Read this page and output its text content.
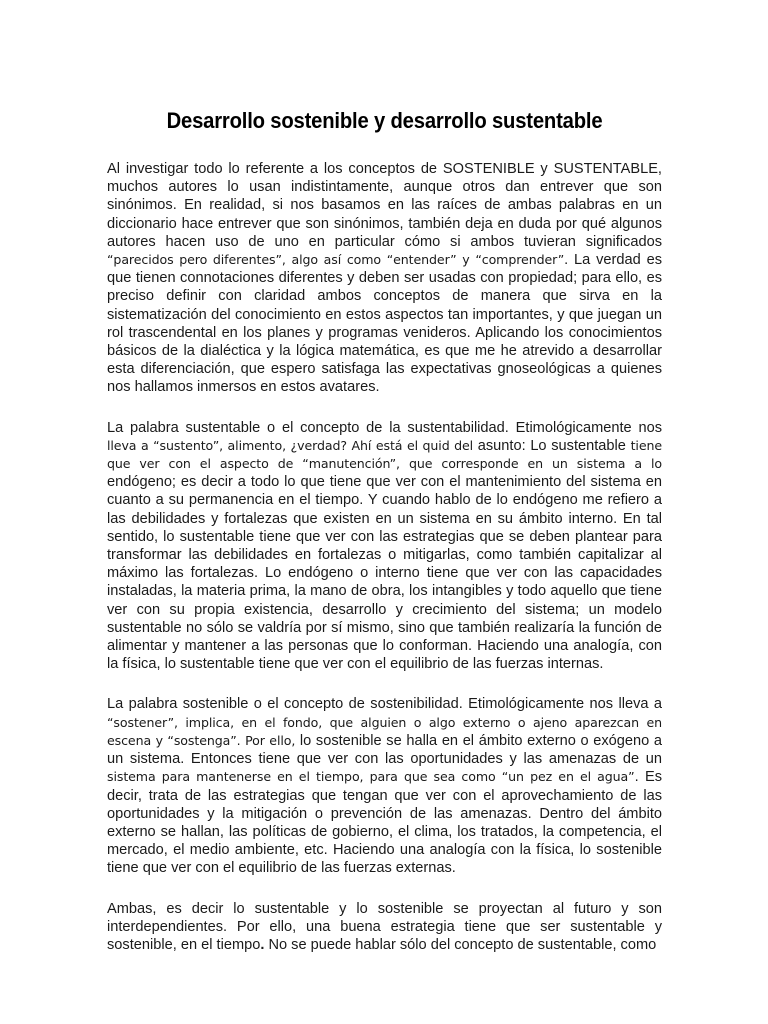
Desarrollo sostenible y desarrollo sustentable

Al investigar todo lo referente a los conceptos de SOSTENIBLE y SUSTENTABLE, muchos autores lo usan indistintamente, aunque otros dan entrever que son sinónimos. En realidad, si nos basamos en las raíces de ambas palabras en un diccionario hace entrever que son sinónimos, también deja en duda por qué algunos autores hacen uso de uno en particular cómo si ambos tuvieran significados “parecidos pero diferentes”, algo así como “entender” y “comprender”. La verdad es que tienen connotaciones diferentes y deben ser usadas con propiedad; para ello, es preciso definir con claridad ambos conceptos de manera que sirva en la sistematización del conocimiento en estos aspectos tan importantes, y que juegan un rol trascendental en los planes y programas venideros. Aplicando los conocimientos básicos de la dialéctica y la lógica matemática, es que me he atrevido a desarrollar esta diferenciación, que espero satisfaga las expectativas gnoseológicas a quienes nos hallamos inmersos en estos avatares.

La palabra sustentable o el concepto de la sustentabilidad. Etimológicamente nos lleva a “sustento”, alimento, ¿verdad? Ahí está el quid del asunto: Lo sustentable tiene que ver con el aspecto de “manutención”, que corresponde en un sistema a lo endógeno; es decir a todo lo que tiene que ver con el mantenimiento del sistema en cuanto a su permanencia en el tiempo. Y cuando hablo de lo endógeno me refiero a las debilidades y fortalezas que existen en un sistema en su ámbito interno. En tal sentido, lo sustentable tiene que ver con las estrategias que se deben plantear para transformar las debilidades en fortalezas o mitigarlas, como también capitalizar al máximo las fortalezas. Lo endógeno o interno tiene que ver con las capacidades instaladas, la materia prima, la mano de obra, los intangibles y todo aquello que tiene ver con su propia existencia, desarrollo y crecimiento del sistema; un modelo sustentable no sólo se valdría por sí mismo, sino que también realizaría la función de alimentar y mantener a las personas que lo conforman. Haciendo una analogía, con la física, lo sustentable tiene que ver con el equilibrio de las fuerzas internas.

La palabra sostenible o el concepto de sostenibilidad. Etimológicamente nos lleva a “sostener”, implica, en el fondo, que alguien o algo externo o ajeno aparezcan en escena y “sostenga”. Por ello, lo sostenible se halla en el ámbito externo o exógeno a un sistema. Entonces tiene que ver con las oportunidades y las amenazas de un sistema para mantenerse en el tiempo, para que sea como “un pez en el agua”. Es decir, trata de las estrategias que tengan que ver con el aprovechamiento de las oportunidades y la mitigación o prevención de las amenazas. Dentro del ámbito externo se hallan, las políticas de gobierno, el clima, los tratados, la competencia, el mercado, el medio ambiente, etc. Haciendo una analogía con la física, lo sostenible tiene que ver con el equilibrio de las fuerzas externas.

Ambas, es decir lo sustentable y lo sostenible se proyectan al futuro y son interdependientes. Por ello, una buena estrategia tiene que ser sustentable y sostenible, en el tiempo. No se puede hablar sólo del concepto de sustentable, como
